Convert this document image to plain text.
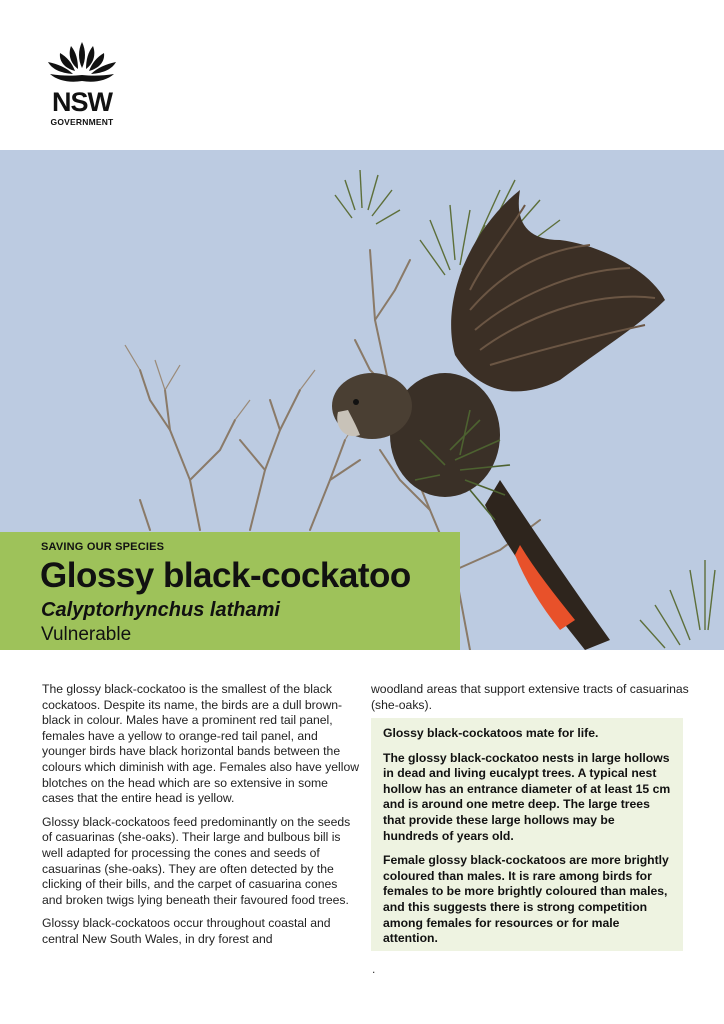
NSW
GOVERNMENT
SAVING OUR SPECIES
Glossy black-cockatoo
Calyptorhynchus lathami
Vulnerable

The glossy black-cockatoo is the smallest of the black cockatoos. Despite its name, the birds are a dull brown-black in colour. Males have a prominent red tail panel, females have a yellow to orange-red tail panel, and younger birds have black horizontal bands between the colours which diminish with age. Females also have yellow blotches on the head which are so extensive in some cases that the entire head is yellow.

Glossy black-cockatoos feed predominantly on the seeds of casuarinas (she-oaks). Their large and bulbous bill is well adapted for processing the cones and seeds of casuarinas (she-oaks). They are often detected by the clicking of their bills, and the carpet of casuarina cones and broken twigs lying beneath their favoured food trees.

Glossy black-cockatoos occur throughout coastal and central New South Wales, in dry forest and

woodland areas that support extensive tracts of casuarinas (she-oaks).

Glossy black-cockatoos mate for life.

The glossy black-cockatoo nests in large hollows in dead and living eucalypt trees. A typical nest hollow has an entrance diameter of at least 15 cm and is around one metre deep. The large trees that provide these large hollows may be hundreds of years old.

Female glossy black-cockatoos are more brightly coloured than males. It is rare among birds for females to be more brightly coloured than males, and this suggests there is strong competition among females for resources or for male attention.

.
